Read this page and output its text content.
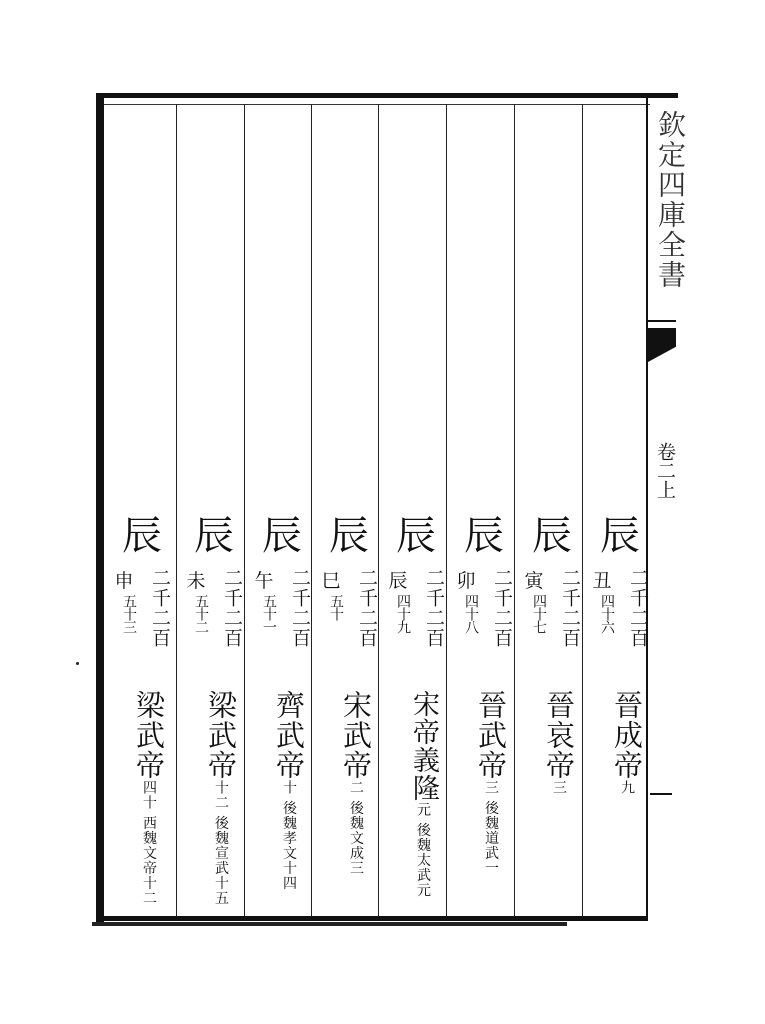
欽定四庫全書
卷二上
辰
二千二百
丑
四十六
晉成帝九
辰
二千二百
寅
四十七
晉哀帝三
辰
二千二百
卯
四十八
晉武帝三 後魏道武一
辰
二千二百
辰
四十九
宋帝義隆元 後魏太武元
辰
二千二百
巳
五十
宋武帝二 後魏文成三
辰
二千二百
午
五十一
齊武帝十 後魏孝文十四
辰
二千二百
未
五十二
梁武帝十二 後魏宣武十五
辰
二千二百
申
五十三
梁武帝四十 西魏文帝十二
